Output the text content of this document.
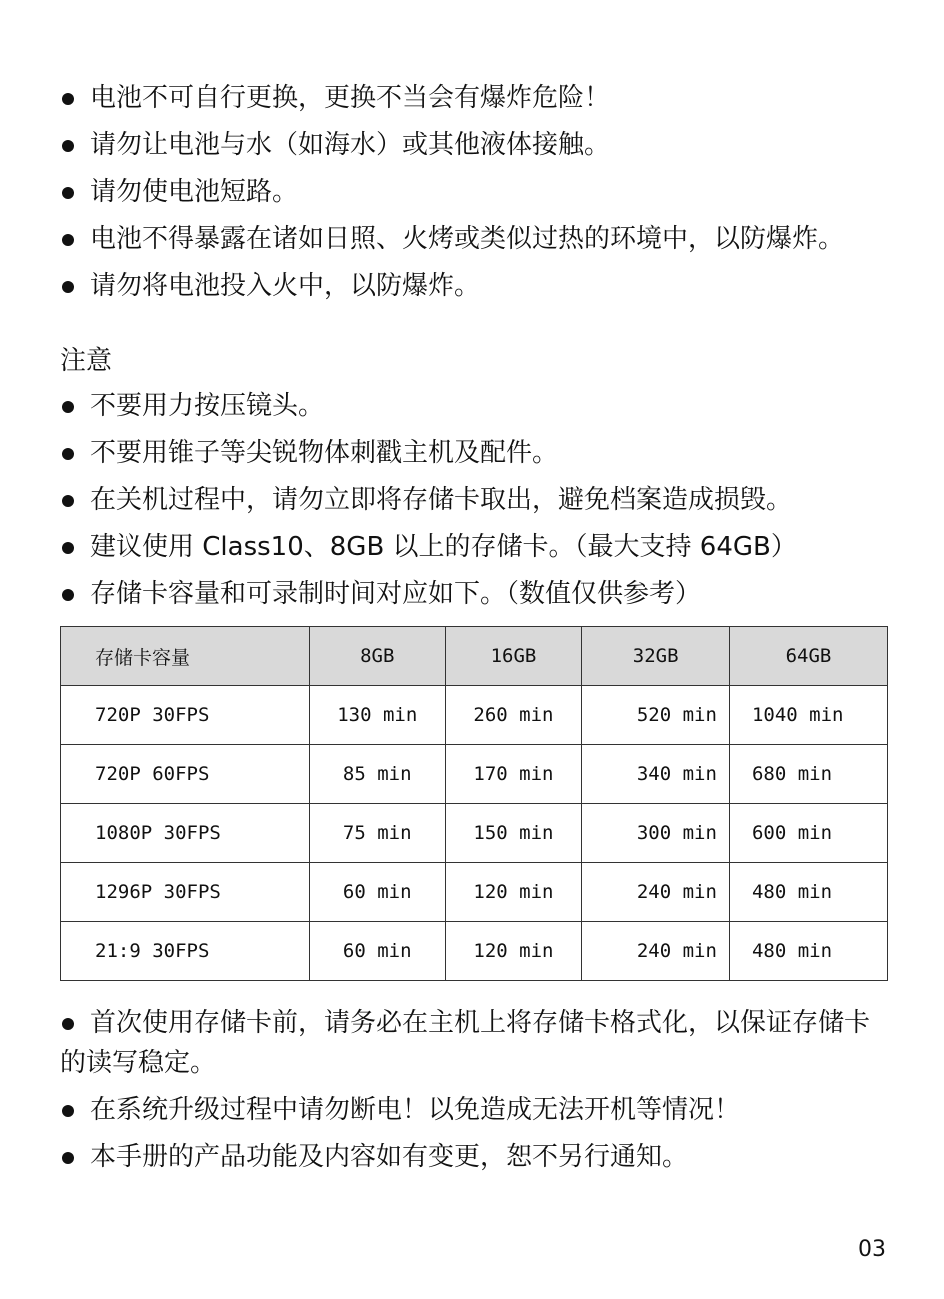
电池不可自行更换，更换不当会有爆炸危险！

请勿让电池与水（如海水）或其他液体接触。

请勿使电池短路。

电池不得暴露在诸如日照、火烤或类似过热的环境中，以防爆炸。

请勿将电池投入火中，以防爆炸。

注意

不要用力按压镜头。

不要用锥子等尖锐物体刺戳主机及配件。

在关机过程中，请勿立即将存储卡取出，避免档案造成损毁。

建议使用 Class10、8GB 以上的存储卡。（最大支持 64GB）

存储卡容量和可录制时间对应如下。（数值仅供参考）

存储卡容量	8GB	16GB	32GB	64GB
720P 30FPS	130 min	260 min	520 min	1040 min
720P 60FPS	85 min	170 min	340 min	680 min
1080P 30FPS	75 min	150 min	300 min	600 min
1296P 30FPS	60 min	120 min	240 min	480 min
21:9 30FPS	60 min	120 min	240 min	480 min

首次使用存储卡前，请务必在主机上将存储卡格式化，以保证存储卡的读写稳定。

在系统升级过程中请勿断电！以免造成无法开机等情况！

本手册的产品功能及内容如有变更，恕不另行通知。

03
